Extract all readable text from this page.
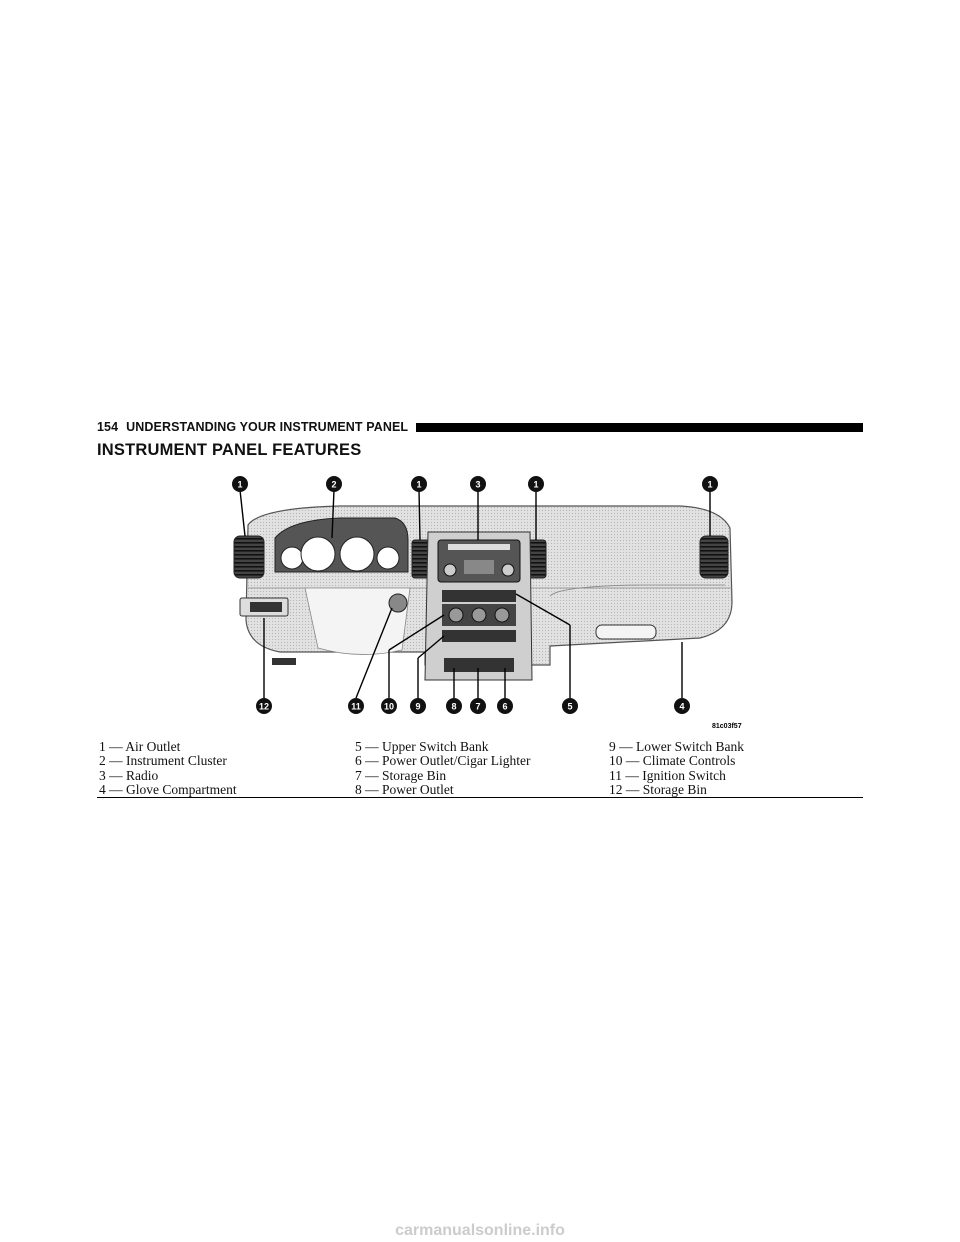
154 UNDERSTANDING YOUR INSTRUMENT PANEL
INSTRUMENT PANEL FEATURES
1	2	1	3	1	1
12	11	10 9	8 7 6	5	4
81c03f57
1 — Air Outlet	5 — Upper Switch Bank	9 — Lower Switch Bank
2 — Instrument Cluster	6 — Power Outlet/Cigar Lighter	10 — Climate Controls
3 — Radio	7 — Storage Bin	11 — Ignition Switch
4 — Glove Compartment	8 — Power Outlet	12 — Storage Bin
carmanualsonline.info
